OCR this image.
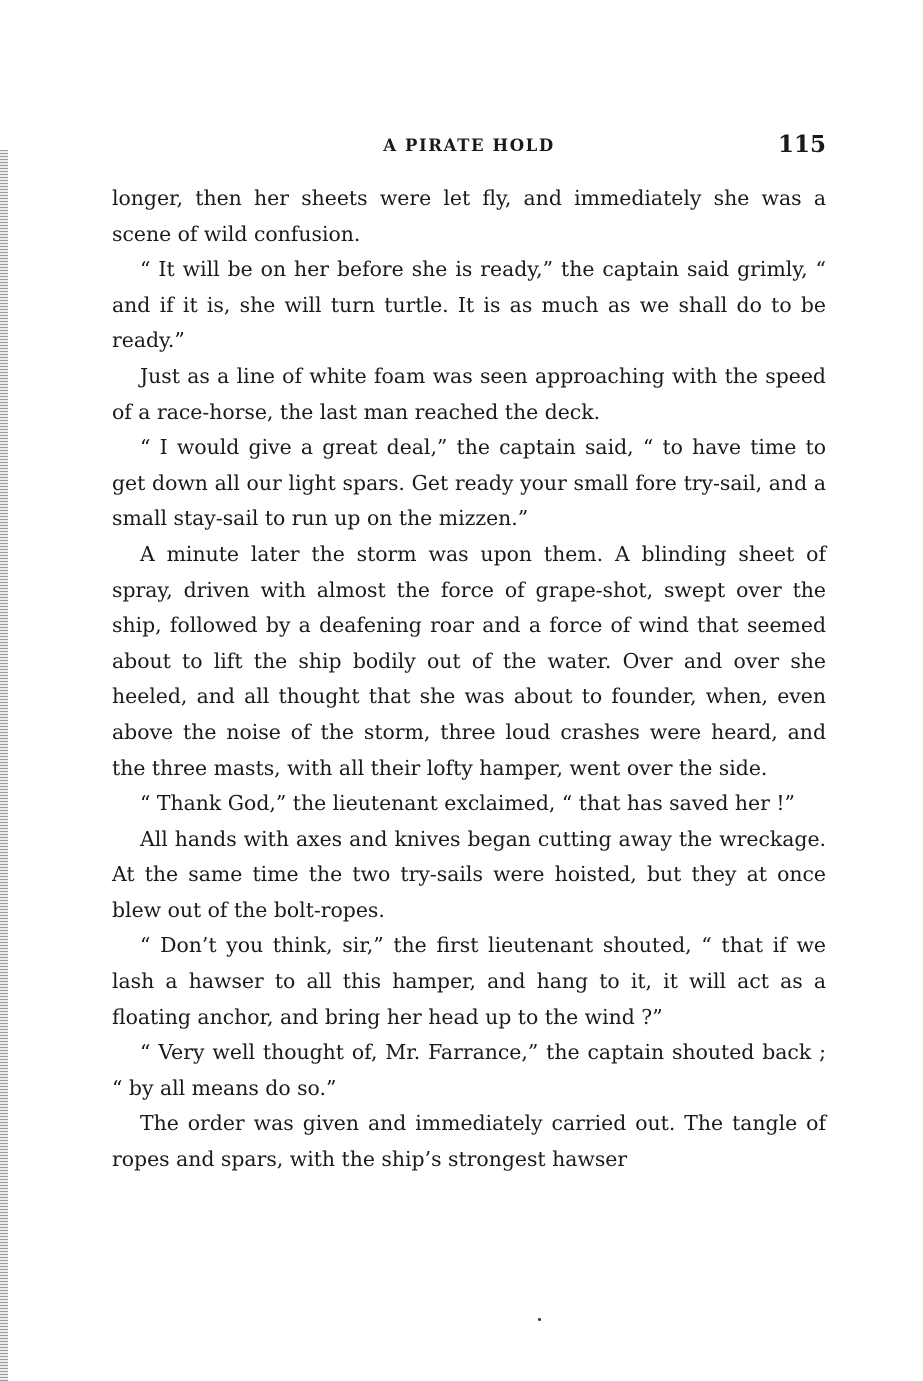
A PIRATE HOLD	115

longer, then her sheets were let fly, and immediately she was a scene of wild confusion.

“ It will be on her before she is ready,” the captain said grimly, “ and if it is, she will turn turtle. It is as much as we shall do to be ready.”

Just as a line of white foam was seen approaching with the speed of a race-horse, the last man reached the deck.

“ I would give a great deal,” the captain said, “ to have time to get down all our light spars. Get ready your small fore try-sail, and a small stay-sail to run up on the mizzen.”

A minute later the storm was upon them. A blinding sheet of spray, driven with almost the force of grape-shot, swept over the ship, followed by a deafening roar and a force of wind that seemed about to lift the ship bodily out of the water. Over and over she heeled, and all thought that she was about to founder, when, even above the noise of the storm, three loud crashes were heard, and the three masts, with all their lofty hamper, went over the side.

“ Thank God,” the lieutenant exclaimed, “ that has saved her !”

All hands with axes and knives began cutting away the wreckage. At the same time the two try-sails were hoisted, but they at once blew out of the bolt-ropes.

“ Don’t you think, sir,” the first lieutenant shouted, “ that if we lash a hawser to all this hamper, and hang to it, it will act as a floating anchor, and bring her head up to the wind ?”

“ Very well thought of, Mr. Farrance,” the captain shouted back ; “ by all means do so.”

The order was given and immediately carried out. The tangle of ropes and spars, with the ship’s strongest hawser
